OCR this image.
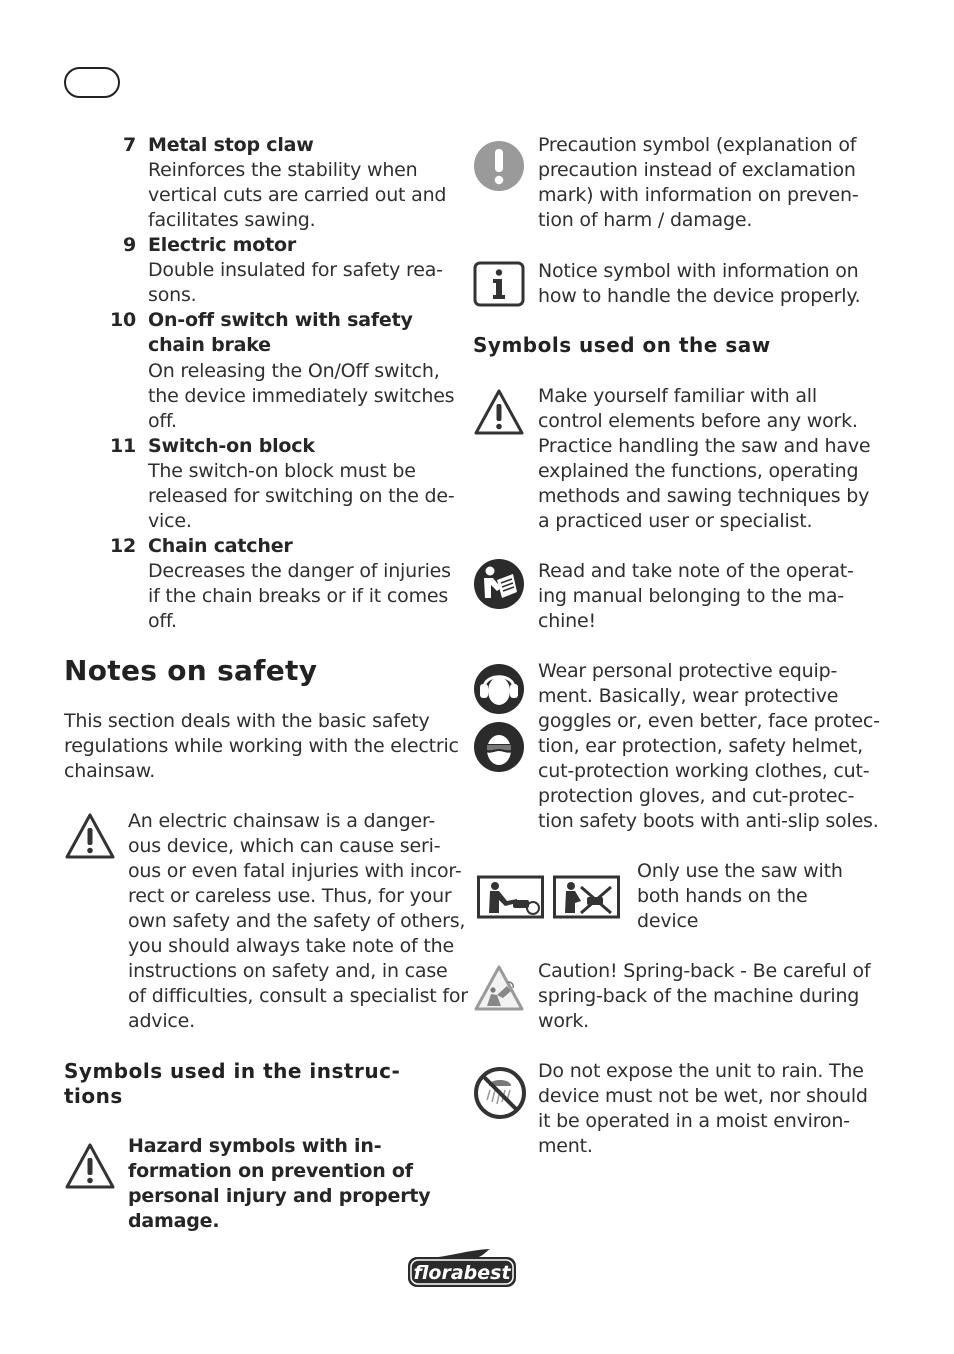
7 Metal stop claw
Reinforces the stability when
vertical cuts are carried out and
facilitates sawing.
9 Electric motor
Double insulated for safety rea-
sons.
10 On-off switch with safety
chain brake
On releasing the On/Off switch,
the device immediately switches
off.
11 Switch-on block
The switch-on block must be
released for switching on the de-
vice.
12 Chain catcher
Decreases the danger of injuries
if the chain breaks or if it comes
off.
Notes on safety
This section deals with the basic safety
regulations while working with the electric
chainsaw.
An electric chainsaw is a danger-
ous device, which can cause seri-
ous or even fatal injuries with incor-
rect or careless use. Thus, for your
own safety and the safety of others,
you should always take note of the
instructions on safety and, in case
of difficulties, consult a specialist for
advice.
Symbols used in the instruc-
tions
Hazard symbols with in-
formation on prevention of
personal injury and property
damage.
Precaution symbol (explanation of
precaution instead of exclamation
mark) with information on preven-
tion of harm / damage.
Notice symbol with information on
how to handle the device properly.
Symbols used on the saw
Make yourself familiar with all
control elements before any work.
Practice handling the saw and have
explained the functions, operating
methods and sawing techniques by
a practiced user or specialist.
Read and take note of the operat-
ing manual belonging to the ma-
chine!
Wear personal protective equip-
ment. Basically, wear protective
goggles or, even better, face protec-
tion, ear protection, safety helmet,
cut-protection working clothes, cut-
protection gloves, and cut-protec-
tion safety boots with anti-slip soles.
Only use the saw with
both hands on the
device
Caution! Spring-back - Be careful of
spring-back of the machine during
work.
Do not expose the unit to rain. The
device must not be wet, nor should
it be operated in a moist environ-
ment.
florabest
